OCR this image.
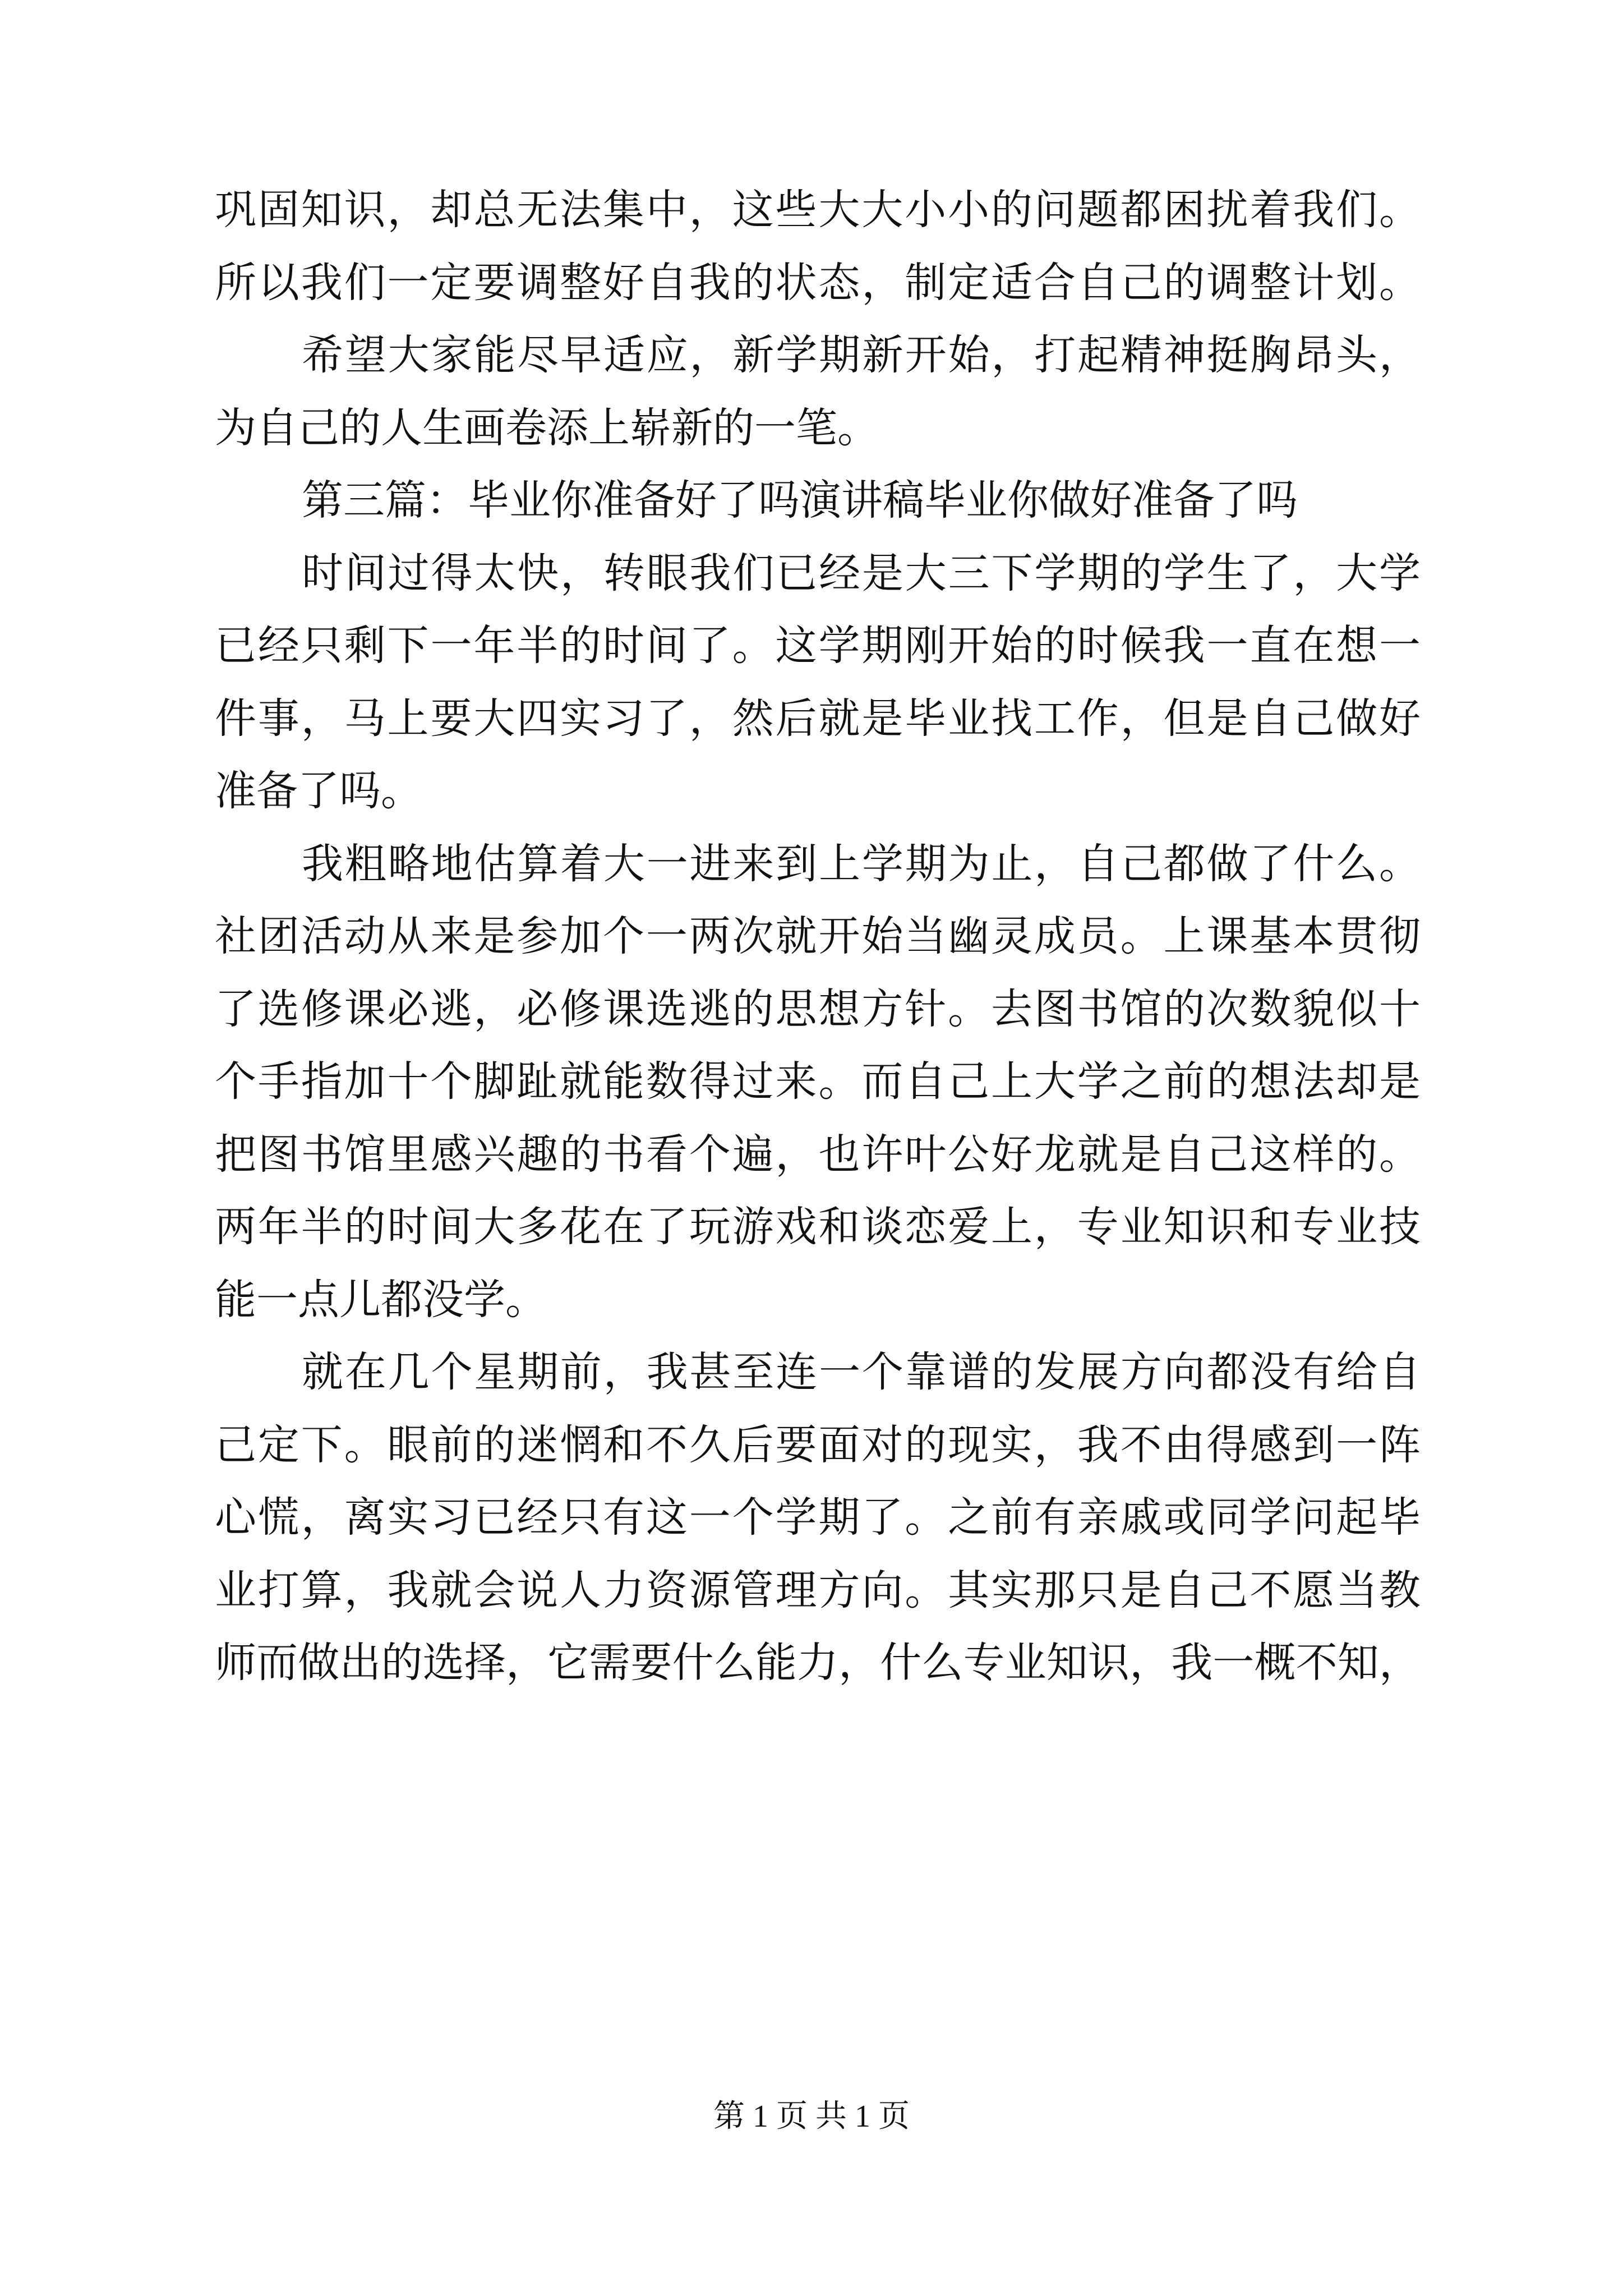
巩固知识，却总无法集中，这些大大小小的问题都困扰着我们。
所以我们一定要调整好自我的状态，制定适合自己的调整计划。
希望大家能尽早适应，新学期新开始，打起精神挺胸昂头，
为自己的人生画卷添上崭新的一笔。
第三篇：毕业你准备好了吗演讲稿毕业你做好准备了吗
时间过得太快，转眼我们已经是大三下学期的学生了，大学
已经只剩下一年半的时间了。这学期刚开始的时候我一直在想一
件事，马上要大四实习了，然后就是毕业找工作，但是自己做好
准备了吗。
我粗略地估算着大一进来到上学期为止，自己都做了什么。
社团活动从来是参加个一两次就开始当幽灵成员。上课基本贯彻
了选修课必逃，必修课选逃的思想方针。去图书馆的次数貌似十
个手指加十个脚趾就能数得过来。而自己上大学之前的想法却是
把图书馆里感兴趣的书看个遍，也许叶公好龙就是自己这样的。
两年半的时间大多花在了玩游戏和谈恋爱上，专业知识和专业技
能一点儿都没学。
就在几个星期前，我甚至连一个靠谱的发展方向都没有给自
己定下。眼前的迷惘和不久后要面对的现实，我不由得感到一阵
心慌，离实习已经只有这一个学期了。之前有亲戚或同学问起毕
业打算，我就会说人力资源管理方向。其实那只是自己不愿当教
师而做出的选择，它需要什么能力，什么专业知识，我一概不知，
第 1 页 共 1 页
